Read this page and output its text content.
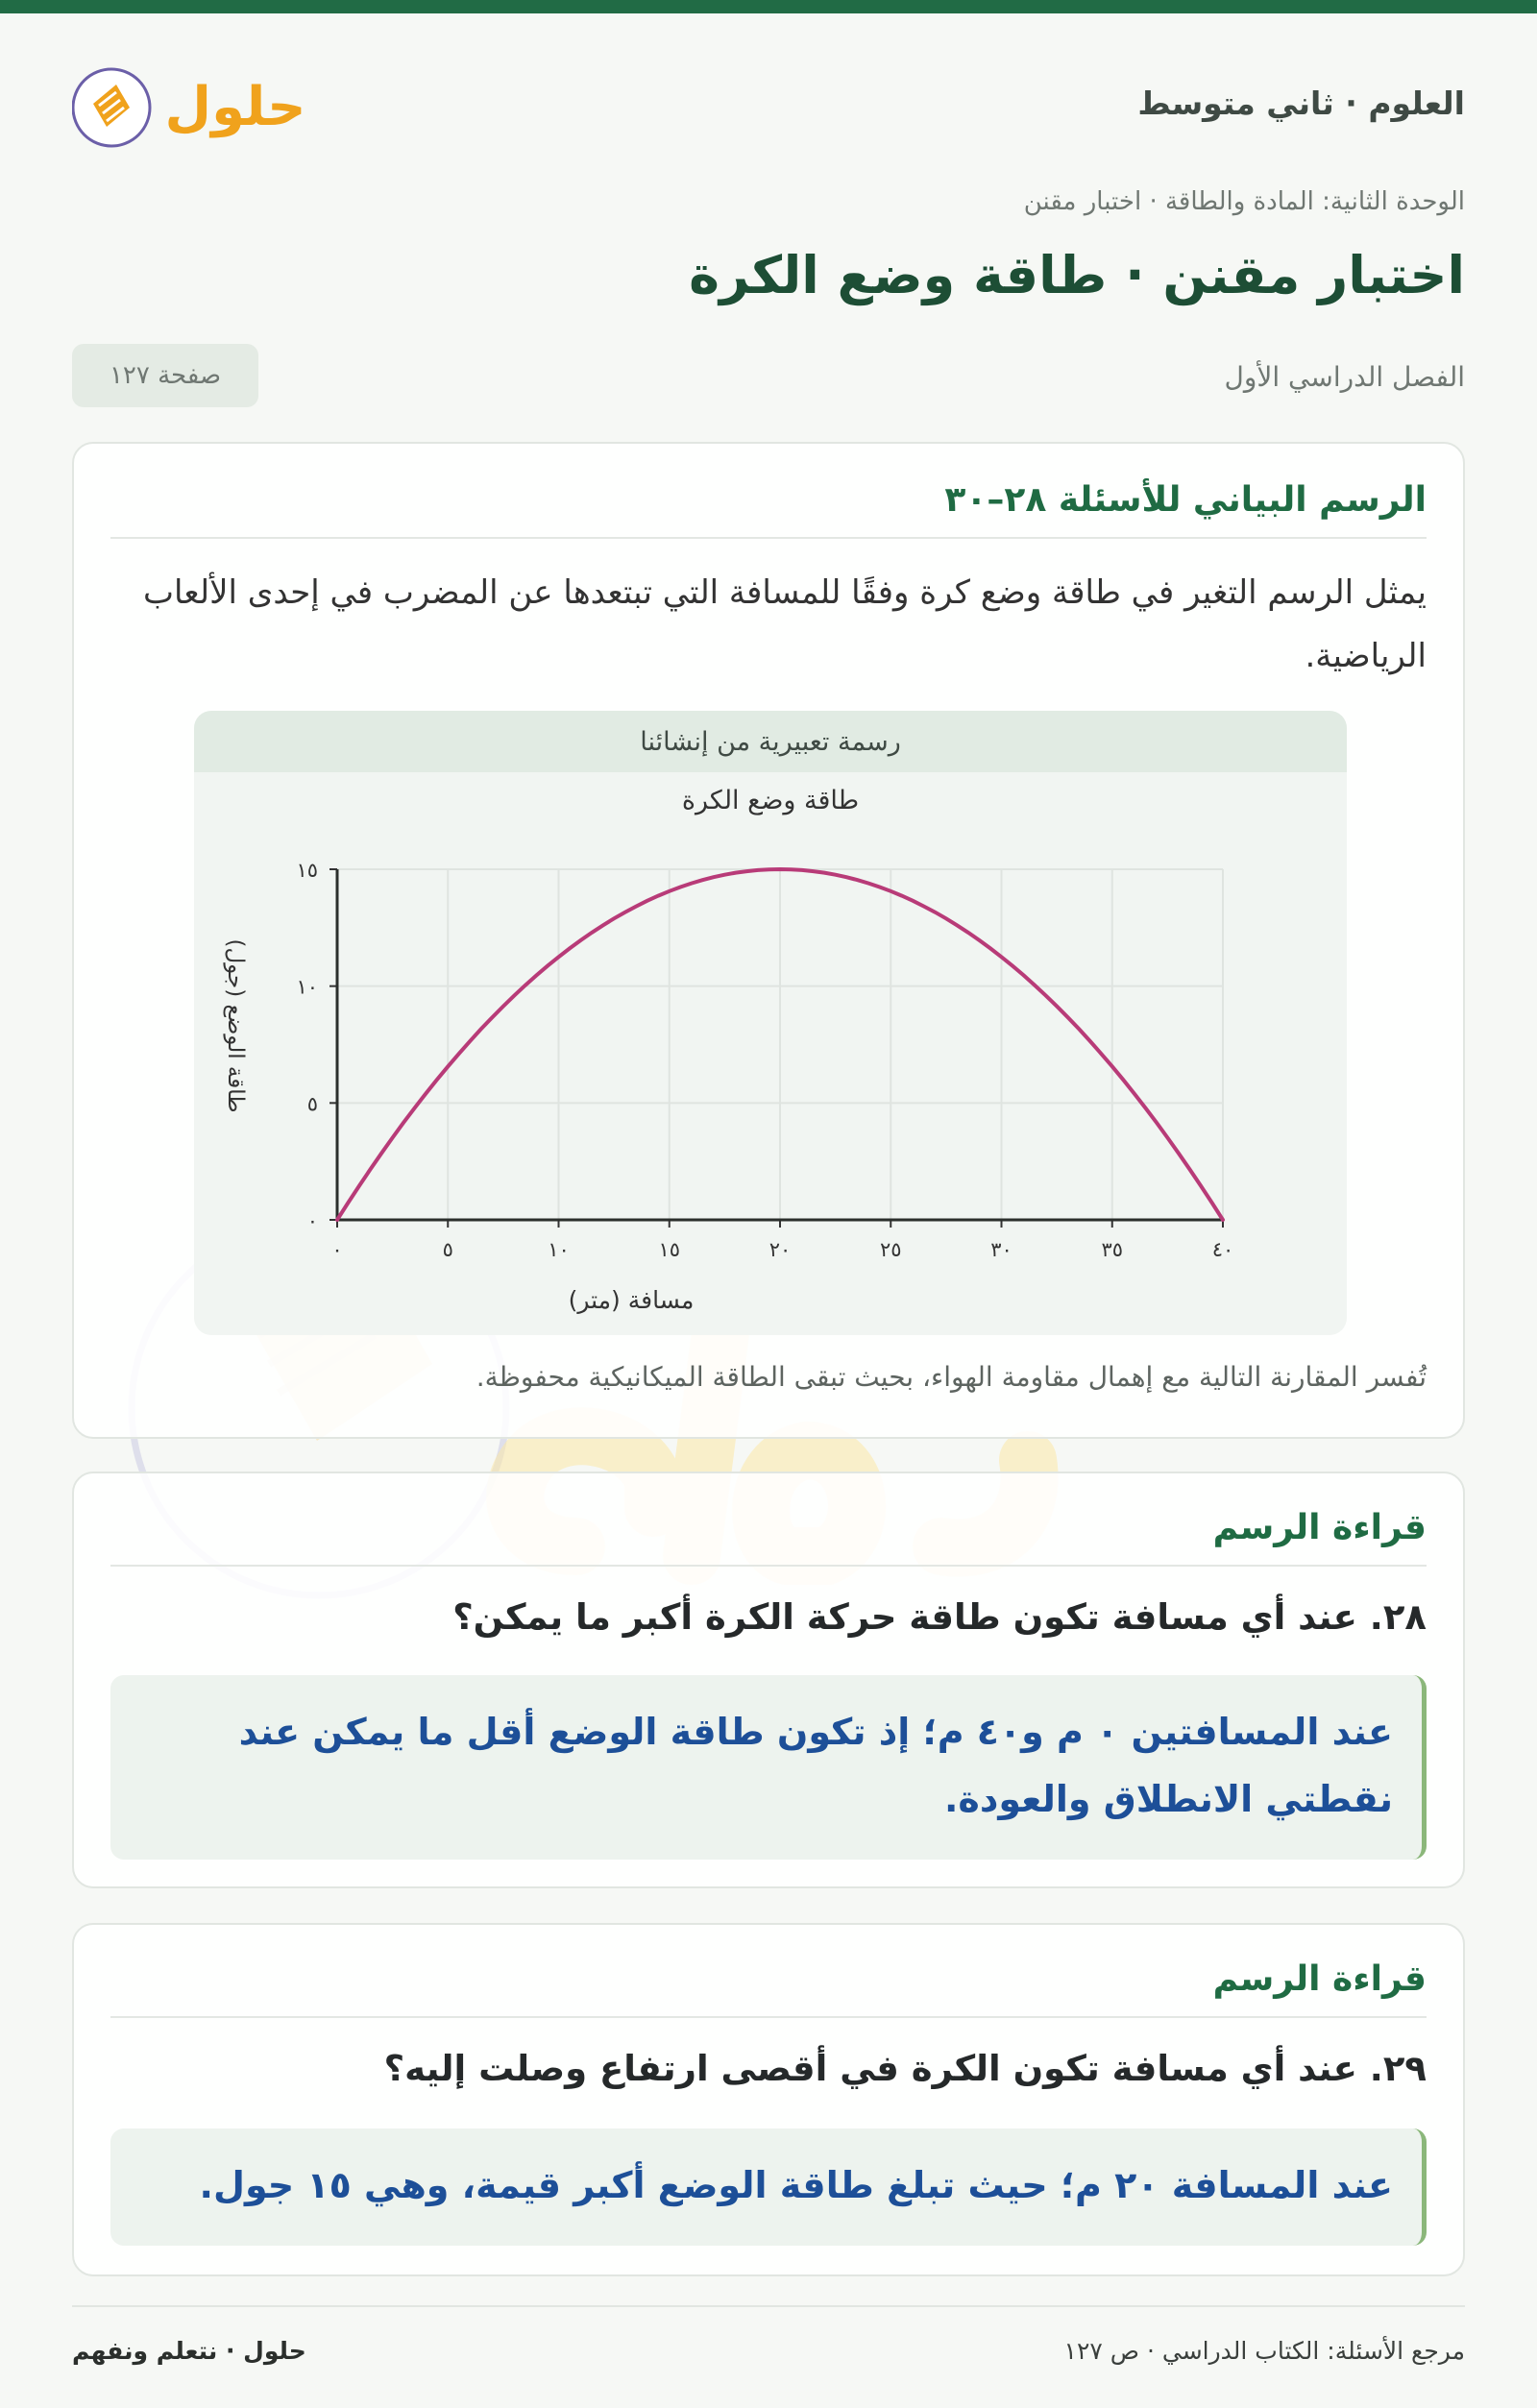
العلوم · ثاني متوسط
حلول
الوحدة الثانية: المادة والطاقة · اختبار مقنن
اختبار مقنن · طاقة وضع الكرة
الفصل الدراسي الأول
صفحة ١٢٧
الرسم البياني للأسئلة ٢٨–٣٠
يمثل الرسم التغير في طاقة وضع كرة وفقًا للمسافة التي تبتعدها عن المضرب في إحدى الألعاب الرياضية.
رسمة تعبيرية من إنشائنا
طاقة وضع الكرة
مسافة (متر)
طاقة الوضع (جول)
٠	٥	١٠	١٥	٢٠	٢٥	٣٠	٣٥	٤٠
٠
٥
١٠
١٥
تُفسر المقارنة التالية مع إهمال مقاومة الهواء، بحيث تبقى الطاقة الميكانيكية محفوظة.
قراءة الرسم
٢٨. عند أي مسافة تكون طاقة حركة الكرة أكبر ما يمكن؟
عند المسافتين ٠ م و٤٠ م؛ إذ تكون طاقة الوضع أقل ما يمكن عند نقطتي الانطلاق والعودة.
قراءة الرسم
٢٩. عند أي مسافة تكون الكرة في أقصى ارتفاع وصلت إليه؟
عند المسافة ٢٠ م؛ حيث تبلغ طاقة الوضع أكبر قيمة، وهي ١٥ جول.
مرجع الأسئلة: الكتاب الدراسي · ص ١٢٧
حلول · نتعلم ونفهم
